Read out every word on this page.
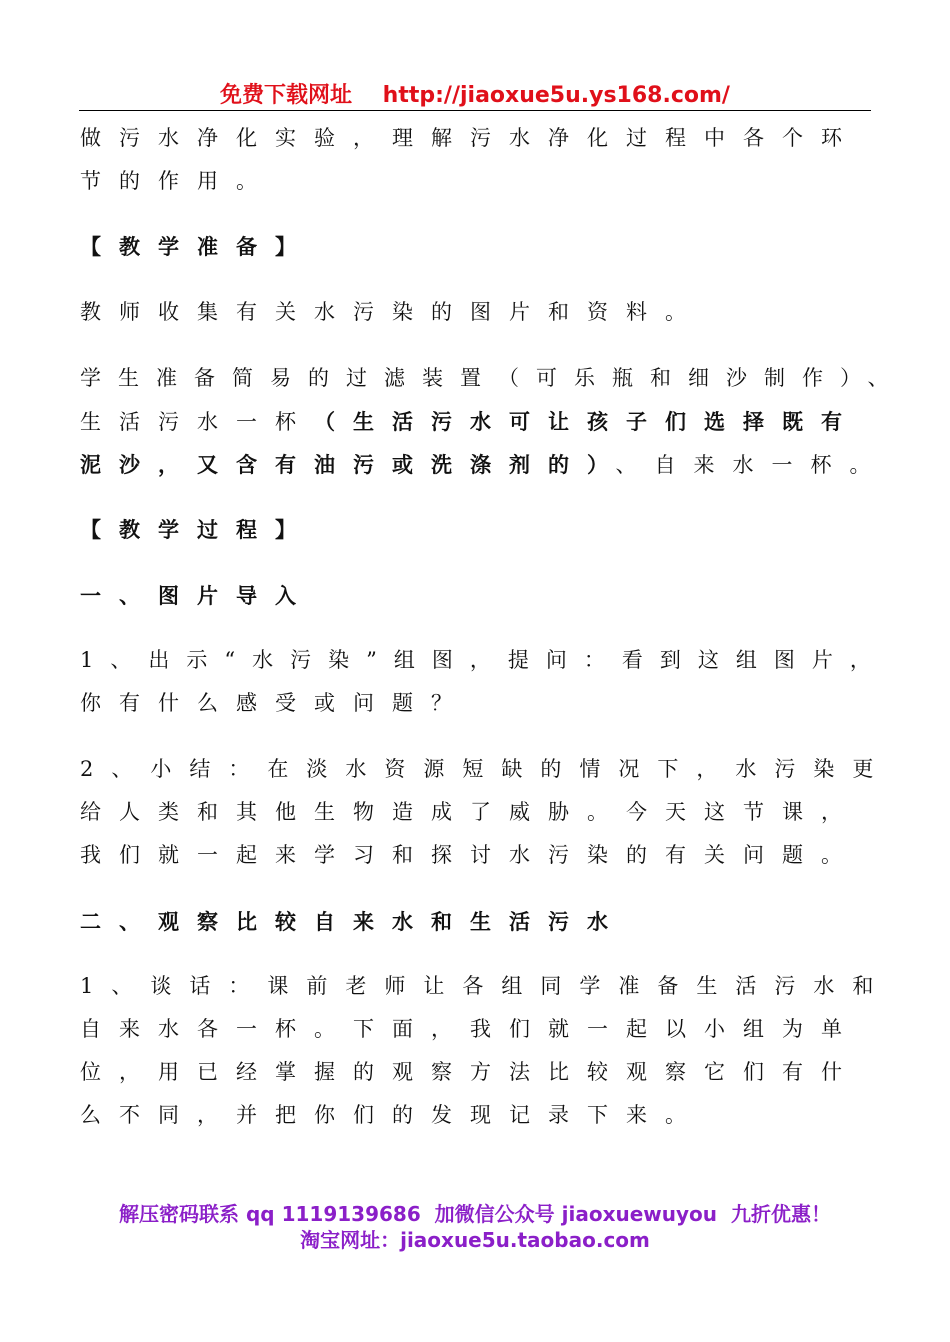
免费下载网址 http://jiaoxue5u.ys168.com/
做污水净化实验，理解污水净化过程中各个环
节的作用。
【教学准备】
教师收集有关水污染的图片和资料。
学生准备简易的过滤装置（可乐瓶和细沙制作）、
生活污水一杯（生活污水可让孩子们选择既有
泥沙，又含有油污或洗涤剂的）、自来水一杯。
【教学过程】
一、图片导入
1、出示“水污染”组图，提问：看到这组图片，
你有什么感受或问题？
2、小结：在淡水资源短缺的情况下，水污染更
给人类和其他生物造成了威胁。今天这节课，
我们就一起来学习和探讨水污染的有关问题。
二、观察比较自来水和生活污水
1、谈话：课前老师让各组同学准备生活污水和
自来水各一杯。下面，我们就一起以小组为单
位，用已经掌握的观察方法比较观察它们有什
么不同，并把你们的发现记录下来。
解压密码联系 qq 1119139686  加微信公众号 jiaoxuewuyou  九折优惠！
淘宝网址：jiaoxue5u.taobao.com
